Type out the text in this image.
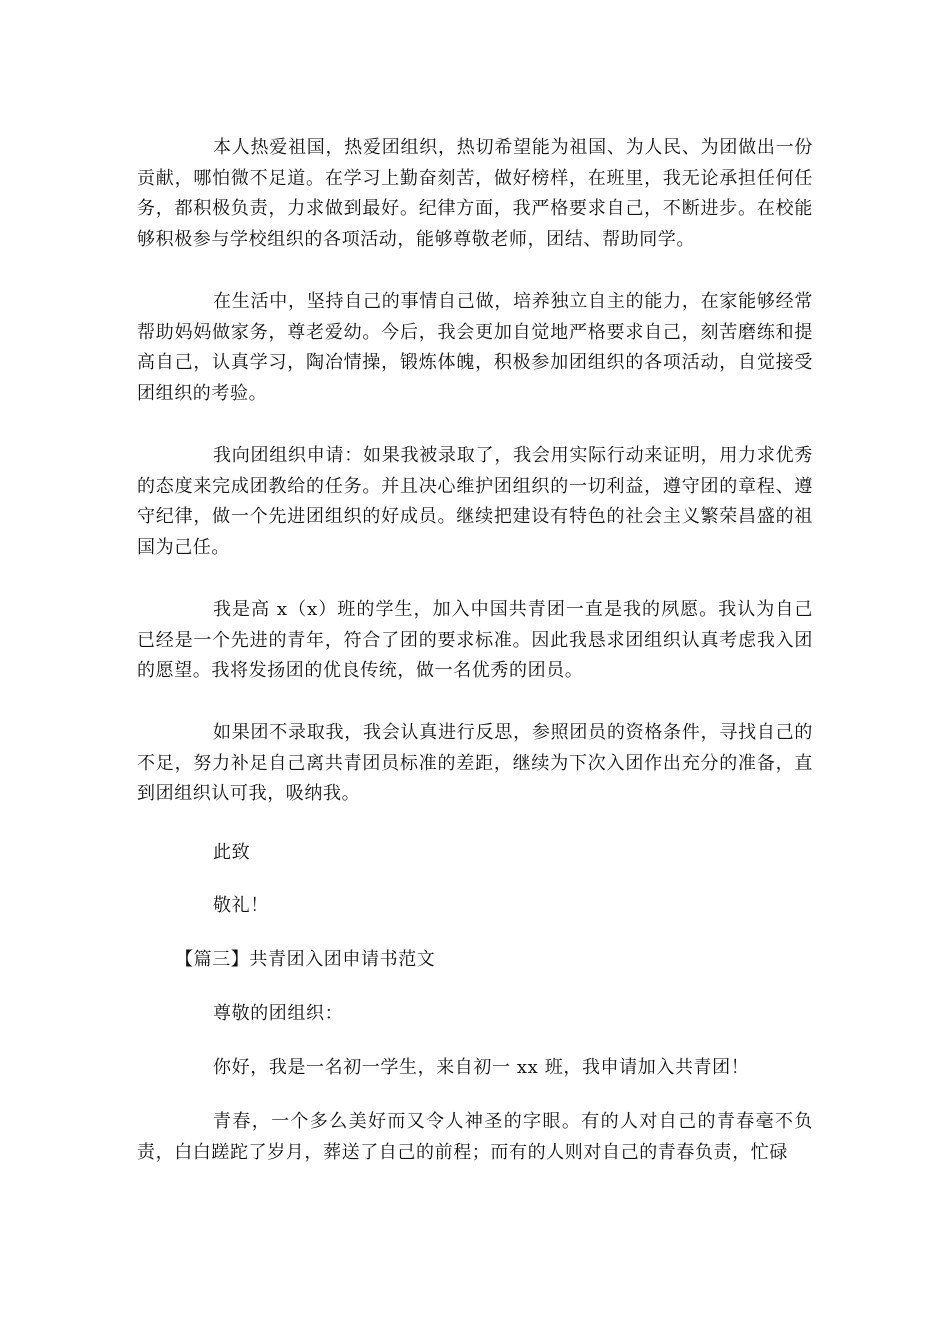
本人热爱祖国，热爱团组织，热切希望能为祖国、为人民、为团做出一份贡献，哪怕微不足道。在学习上勤奋刻苦，做好榜样，在班里，我无论承担任何任务，都积极负责，力求做到最好。纪律方面，我严格要求自己，不断进步。在校能够积极参与学校组织的各项活动，能够尊敬老师，团结、帮助同学。

在生活中，坚持自己的事情自己做，培养独立自主的能力，在家能够经常帮助妈妈做家务，尊老爱幼。今后，我会更加自觉地严格要求自己，刻苦磨练和提高自己，认真学习，陶冶情操，锻炼体魄，积极参加团组织的各项活动，自觉接受团组织的考验。

我向团组织申请：如果我被录取了，我会用实际行动来证明，用力求优秀的态度来完成团教给的任务。并且决心维护团组织的一切利益，遵守团的章程、遵守纪律，做一个先进团组织的好成员。继续把建设有特色的社会主义繁荣昌盛的祖国为己任。

我是高 x（x）班的学生，加入中国共青团一直是我的夙愿。我认为自己已经是一个先进的青年，符合了团的要求标准。因此我恳求团组织认真考虑我入团的愿望。我将发扬团的优良传统，做一名优秀的团员。

如果团不录取我，我会认真进行反思，参照团员的资格条件，寻找自己的不足，努力补足自己离共青团员标准的差距，继续为下次入团作出充分的准备，直到团组织认可我，吸纳我。

此致

敬礼！

【篇三】共青团入团申请书范文

尊敬的团组织：

你好，我是一名初一学生，来自初一 xx 班，我申请加入共青团！

青春，一个多么美好而又令人神圣的字眼。有的人对自己的青春毫不负责，白白蹉跎了岁月，葬送了自己的前程；而有的人则对自己的青春负责，忙碌
